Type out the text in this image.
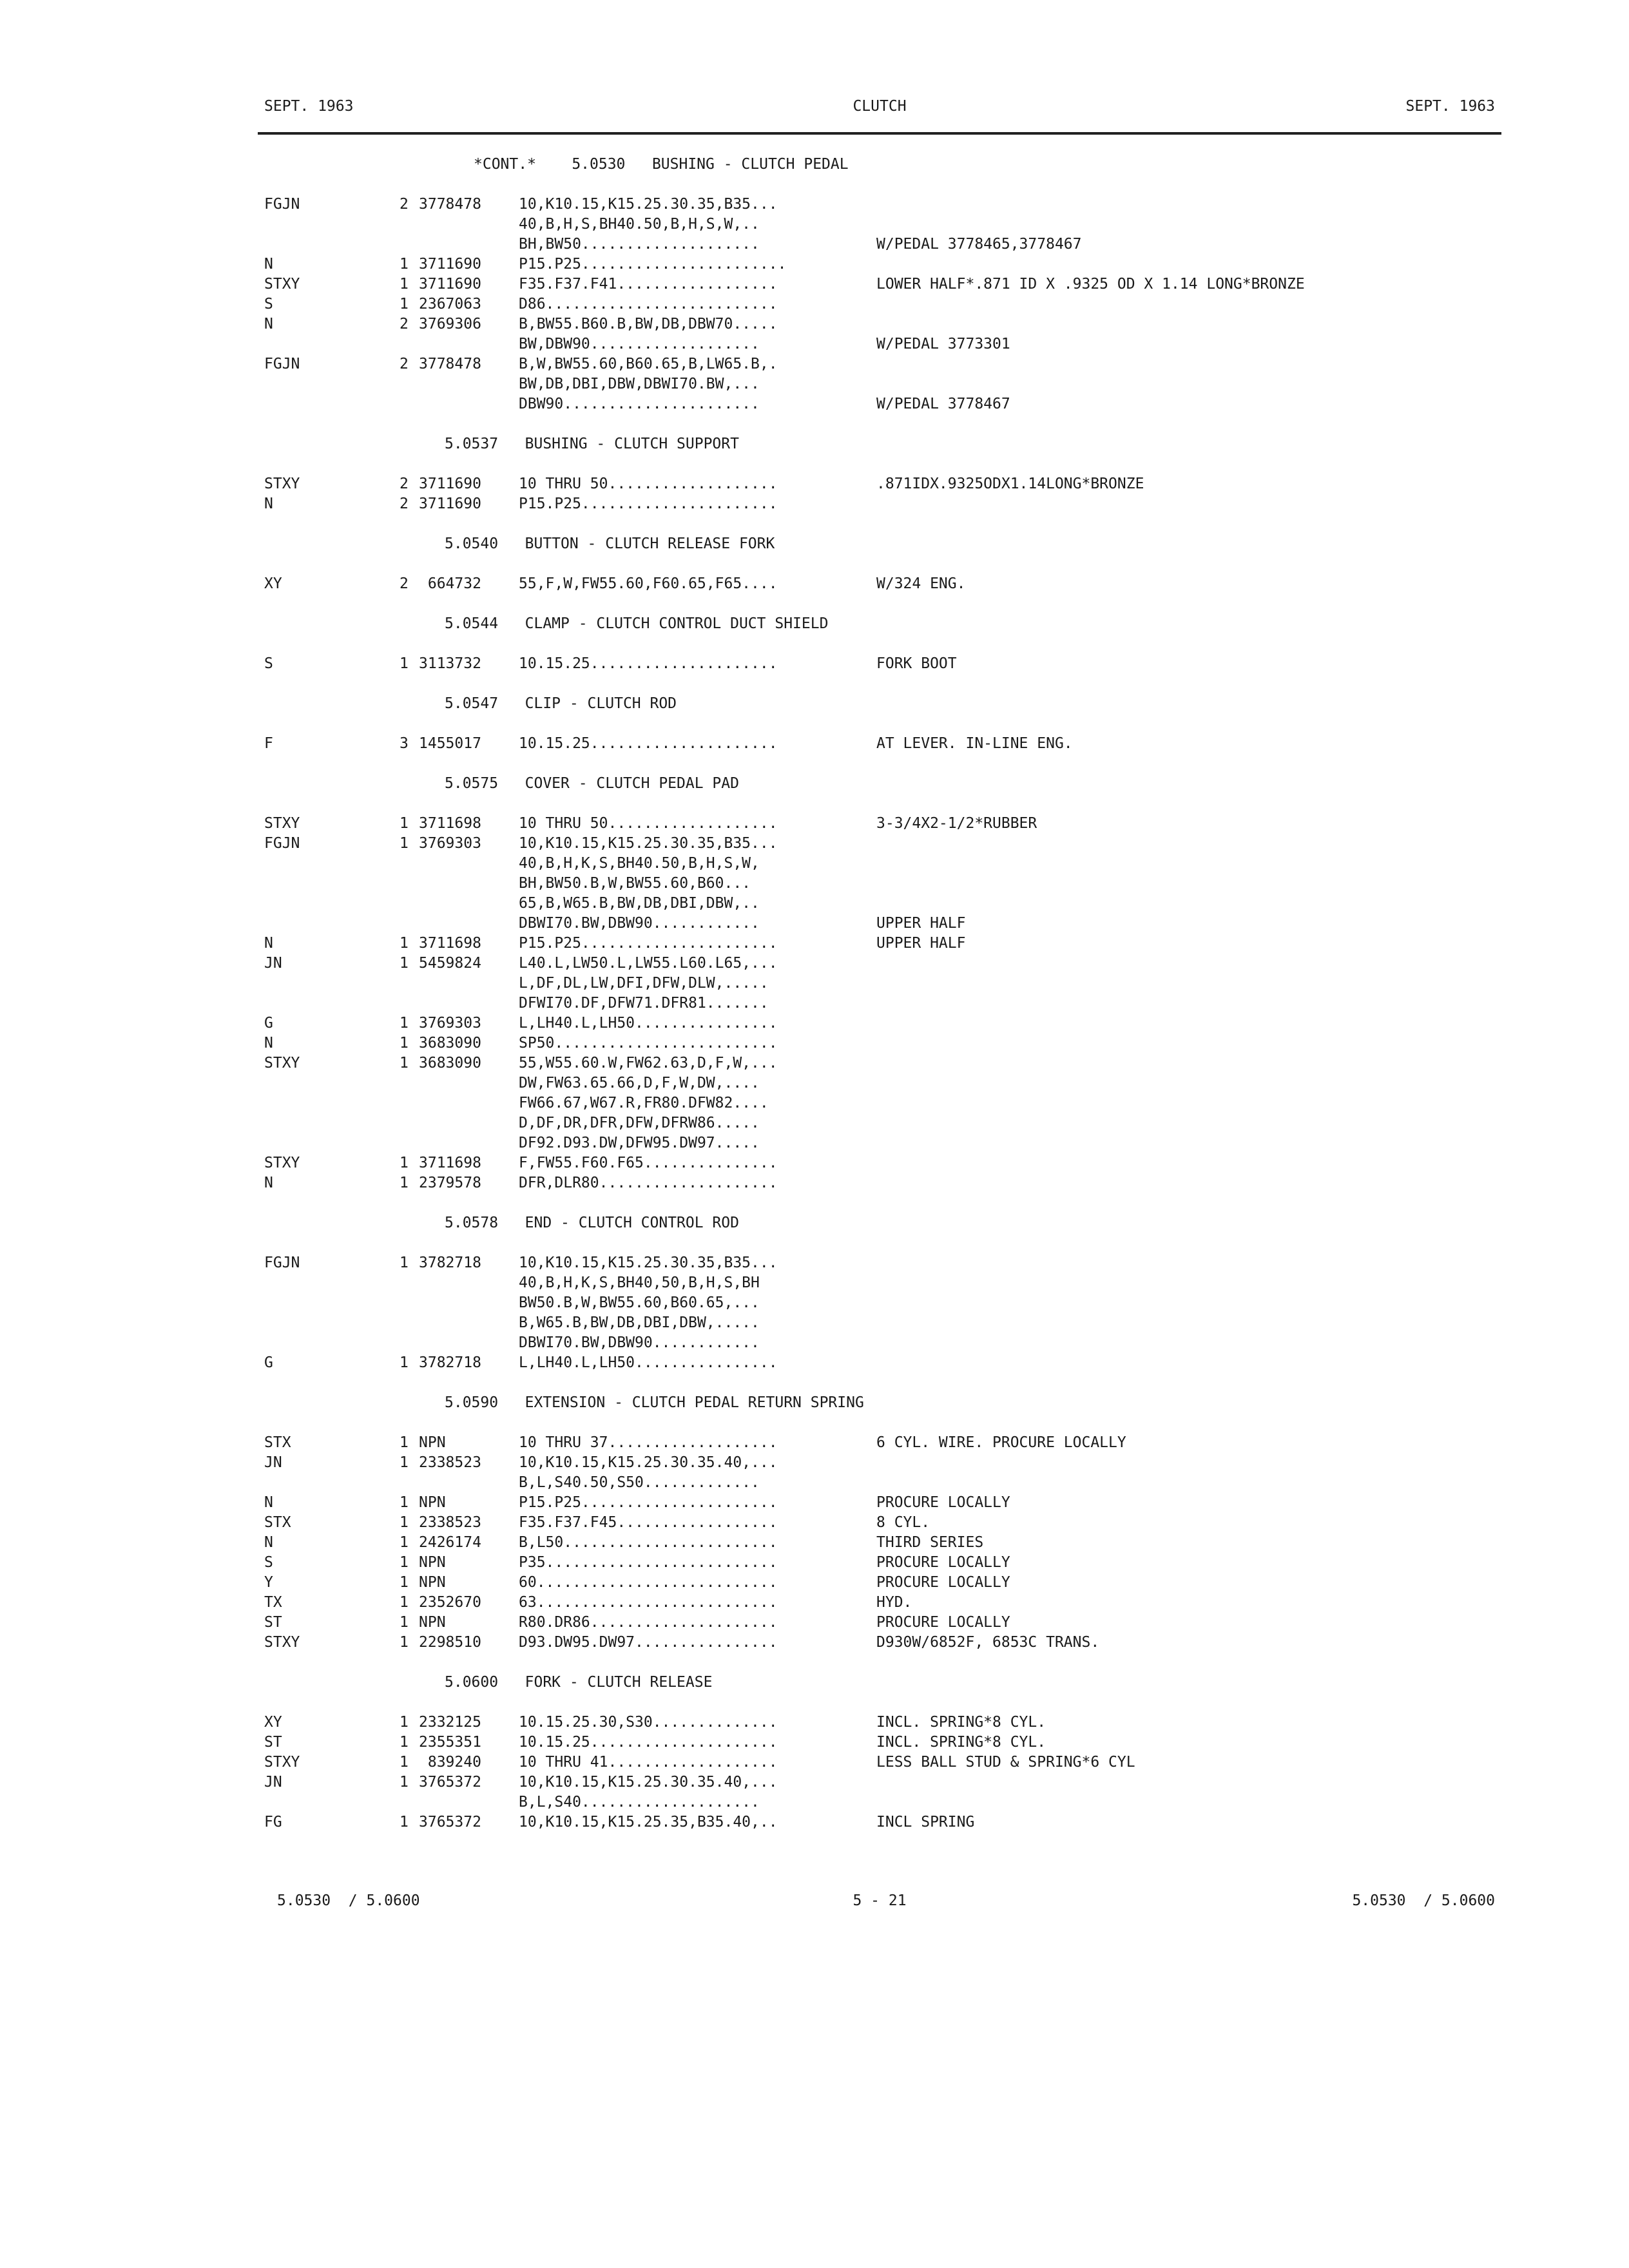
SEPT. 1963

	CLUTCH

	SEPT. 1963

*CONT.*    5.0530   BUSHING - CLUTCH PEDAL
FGJN	2 3778478	10,K10.15,K15.25.30.35,B35...
40,B,H,S,BH40.50,B,H,S,W,..
BH,BW50....................	W/PEDAL 3778465,3778467
N	1 3711690	P15.P25.......................
STXY	1 3711690	F35.F37.F41..................	LOWER HALF*.871 ID X .9325 OD X 1.14 LONG*BRONZE
S	1 2367063	D86..........................
N	2 3769306	B,BW55.B60.B,BW,DB,DBW70.....
BW,DBW90...................	W/PEDAL 3773301
FGJN	2 3778478	B,W,BW55.60,B60.65,B,LW65.B,.
BW,DB,DBI,DBW,DBWI70.BW,...
DBW90......................	W/PEDAL 3778467
5.0537   BUSHING - CLUTCH SUPPORT
STXY	2 3711690	10 THRU 50...................	.871IDX.9325ODX1.14LONG*BRONZE
N	2 3711690	P15.P25......................
5.0540   BUTTON - CLUTCH RELEASE FORK
XY	2 664732	55,F,W,FW55.60,F60.65,F65....	W/324 ENG.
5.0544   CLAMP - CLUTCH CONTROL DUCT SHIELD
S	1 3113732	10.15.25.....................	FORK BOOT
5.0547   CLIP - CLUTCH ROD
F	3 1455017	10.15.25.....................	AT LEVER. IN-LINE ENG.
5.0575   COVER - CLUTCH PEDAL PAD
STXY	1 3711698	10 THRU 50...................	3-3/4X2-1/2*RUBBER
FGJN	1 3769303	10,K10.15,K15.25.30.35,B35...
40,B,H,K,S,BH40.50,B,H,S,W,
BH,BW50.B,W,BW55.60,B60...
65,B,W65.B,BW,DB,DBI,DBW,..
DBWI70.BW,DBW90............	UPPER HALF
N	1 3711698	P15.P25......................	UPPER HALF
JN	1 5459824	L40.L,LW50.L,LW55.L60.L65,...
L,DF,DL,LW,DFI,DFW,DLW,.....
DFWI70.DF,DFW71.DFR81.......
G	1 3769303	L,LH40.L,LH50................
N	1 3683090	SP50.........................
STXY	1 3683090	55,W55.60.W,FW62.63,D,F,W,...
DW,FW63.65.66,D,F,W,DW,....
FW66.67,W67.R,FR80.DFW82....
D,DF,DR,DFR,DFW,DFRW86.....
DF92.D93.DW,DFW95.DW97.....
STXY	1 3711698	F,FW55.F60.F65...............
N	1 2379578	DFR,DLR80....................
5.0578   END - CLUTCH CONTROL ROD
FGJN	1 3782718	10,K10.15,K15.25.30.35,B35...
40,B,H,K,S,BH40,50,B,H,S,BH
BW50.B,W,BW55.60,B60.65,...
B,W65.B,BW,DB,DBI,DBW,.....
DBWI70.BW,DBW90............
G	1 3782718	L,LH40.L,LH50................
5.0590   EXTENSION - CLUTCH PEDAL RETURN SPRING
STX	1 NPN	10 THRU 37...................	6 CYL. WIRE. PROCURE LOCALLY
JN	1 2338523	10,K10.15,K15.25.30.35.40,...
B,L,S40.50,S50.............
N	1 NPN	P15.P25......................	PROCURE LOCALLY
STX	1 2338523	F35.F37.F45..................	8 CYL.
N	1 2426174	B,L50........................	THIRD SERIES
S	1 NPN	P35..........................	PROCURE LOCALLY
Y	1 NPN	60...........................	PROCURE LOCALLY
TX	1 2352670	63...........................	HYD.
ST	1 NPN	R80.DR86.....................	PROCURE LOCALLY
STXY	1 2298510	D93.DW95.DW97................	D930W/6852F, 6853C TRANS.
5.0600   FORK - CLUTCH RELEASE
XY	1 2332125	10.15.25.30,S30..............	INCL. SPRING*8 CYL.
ST	1 2355351	10.15.25.....................	INCL. SPRING*8 CYL.
STXY	1 839240	10 THRU 41...................	LESS BALL STUD & SPRING*6 CYL
JN	1 3765372	10,K10.15,K15.25.30.35.40,...
B,L,S40....................
FG	1 3765372	10,K10.15,K15.25.35,B35.40,..	INCL SPRING

5.0530  / 5.0600

	5 - 21

	5.0530  / 5.0600
